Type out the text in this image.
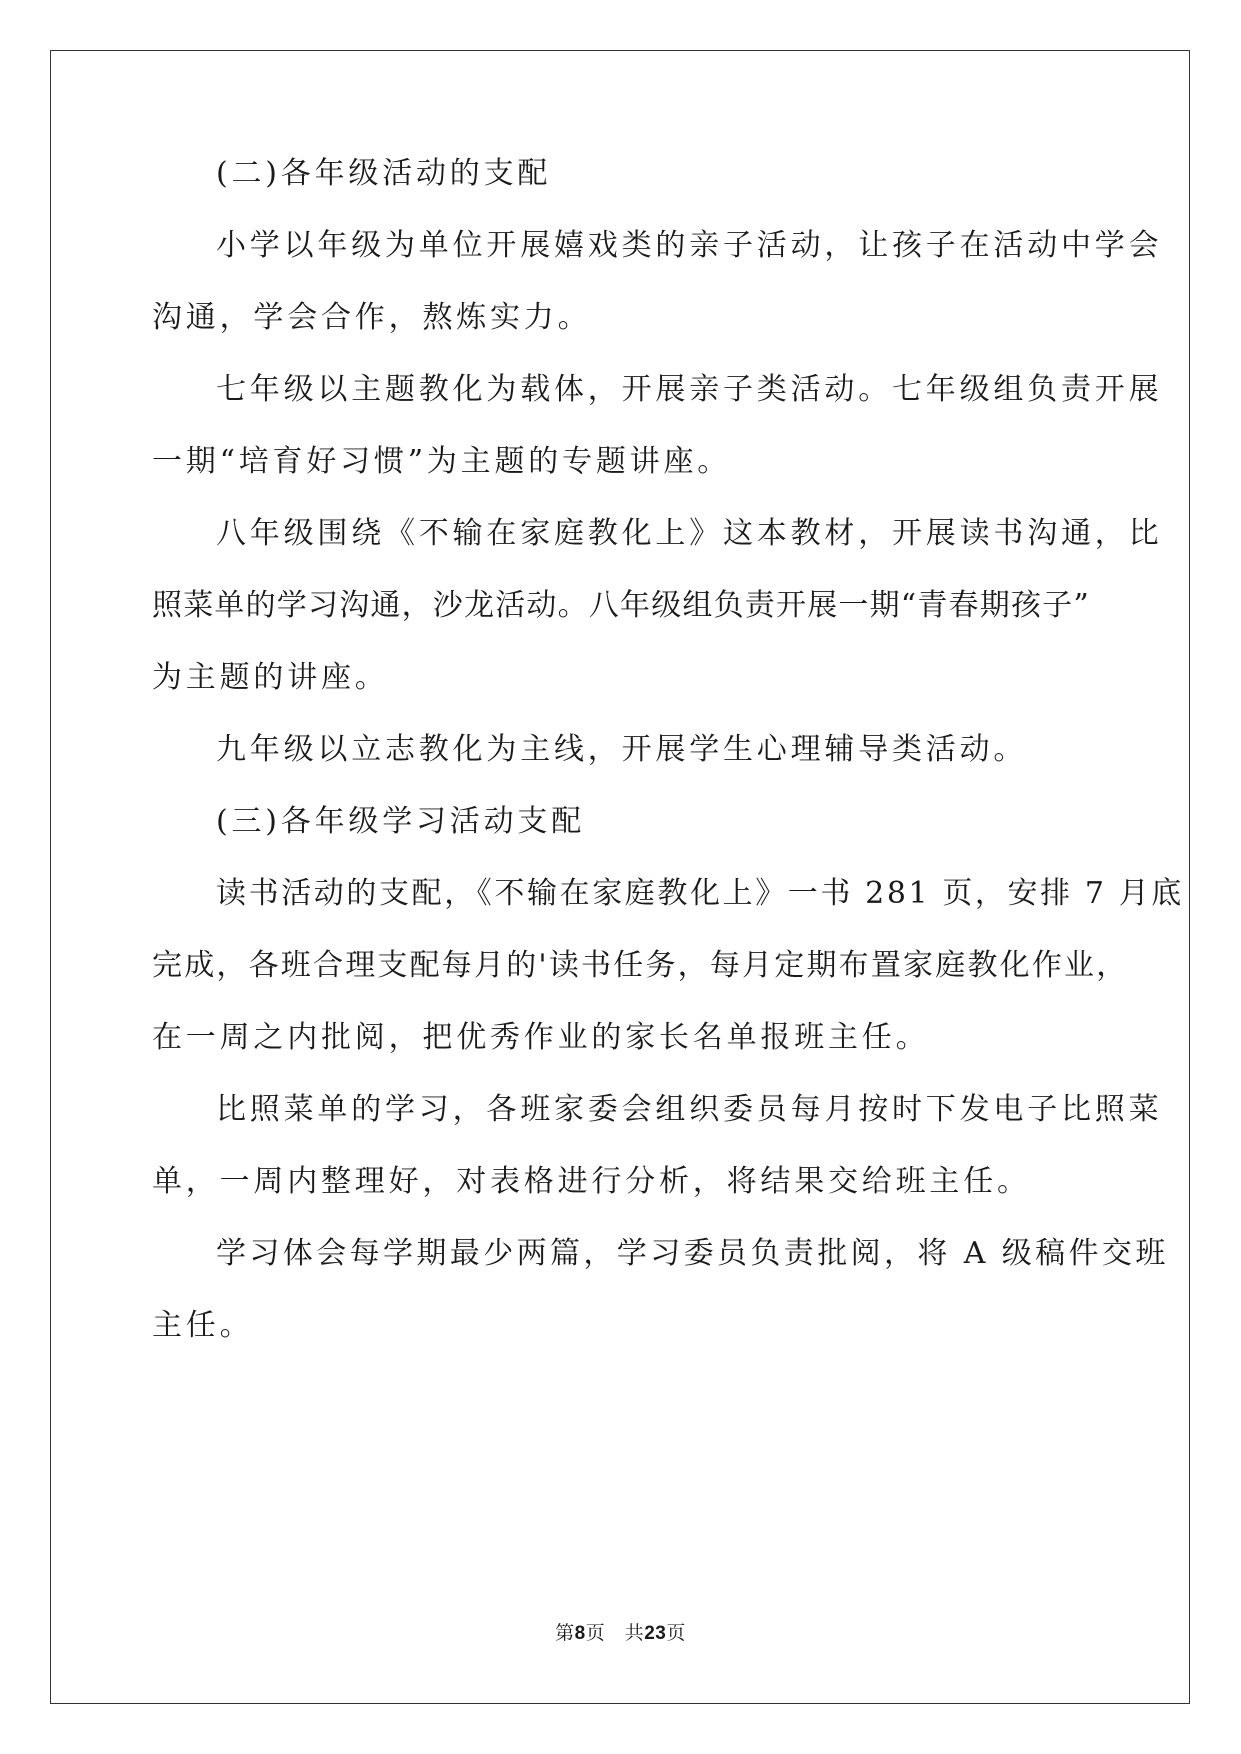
(二)各年级活动的支配
小学以年级为单位开展嬉戏类的亲子活动，让孩子在活动中学会
沟通，学会合作，熬炼实力。
七年级以主题教化为载体，开展亲子类活动。七年级组负责开展
一期“培育好习惯”为主题的专题讲座。
八年级围绕《不输在家庭教化上》这本教材，开展读书沟通，比
照菜单的学习沟通，沙龙活动。八年级组负责开展一期“青春期孩子”
为主题的讲座。
九年级以立志教化为主线，开展学生心理辅导类活动。
(三)各年级学习活动支配
读书活动的支配，《不输在家庭教化上》一书 281 页，安排 7 月底
完成，各班合理支配每月的'读书任务，每月定期布置家庭教化作业，
在一周之内批阅，把优秀作业的家长名单报班主任。
比照菜单的学习，各班家委会组织委员每月按时下发电子比照菜
单，一周内整理好，对表格进行分析，将结果交给班主任。
学习体会每学期最少两篇，学习委员负责批阅，将 A 级稿件交班
主任。
第8页　共23页
